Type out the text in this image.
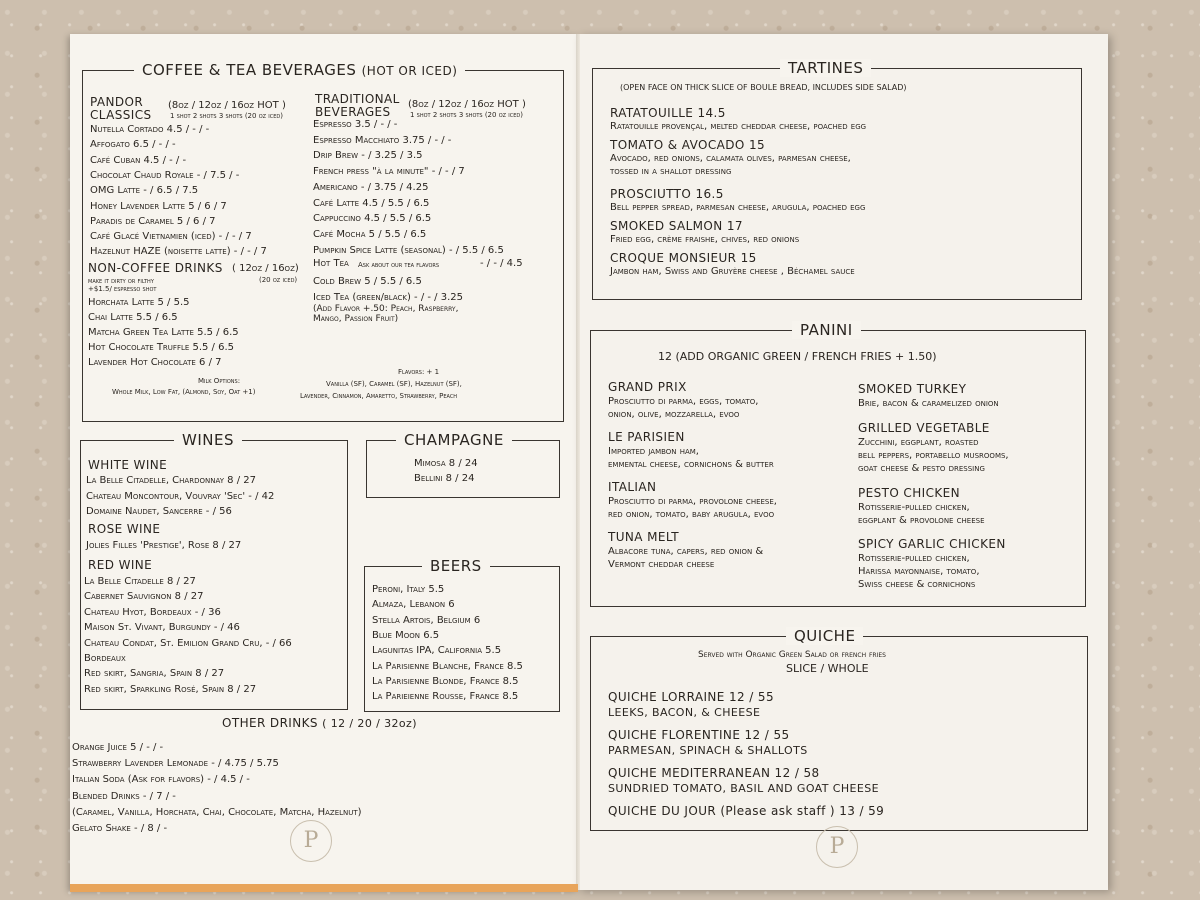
COFFEE & TEA BEVERAGES (HOT OR ICED)
PANDOR
CLASSICS
(8oz / 12oz / 16oz HOT )
1 shot 2 shots 3 shots (20 oz iced)
Nutella Cortado 4.5 / - / -
Affogato 6.5 / - / -
Café Cuban 4.5 / - / -
Chocolat Chaud Royale - / 7.5 / -
OMG Latte - / 6.5 / 7.5
Honey Lavender Latte 5 / 6 / 7
Paradis de Caramel 5 / 6 / 7
Café Glacé Vietnamien (iced) - / - / 7
Hazelnut HAZE (noisette latte) - / - / 7
TRADITIONAL
BEVERAGES
(8oz / 12oz / 16oz HOT )
1 shot 2 shots 3 shots (20 oz iced)
Espresso 3.5 / - / -
Espresso Macchiato 3.75 / - / -
Drip Brew - / 3.25 / 3.5
French press "à la minute" - / - / 7
Americano - / 3.75 / 4.25
Café Latte 4.5 / 5.5 / 6.5
Cappuccino 4.5 / 5.5 / 6.5
Café Mocha 5 / 5.5 / 6.5
Pumpkin Spice Latte (seasonal) - / 5.5 / 6.5
Hot Tea Ask about our tea flavors	- / - / 4.5
Cold Brew 5 / 5.5 / 6.5
Iced Tea (green/black) - / - / 3.25
(Add Flavor +.50: Peach, Raspberry,
Mango, Passion Fruit)
NON-COFFEE DRINKS ( 12oz / 16oz)
(20 oz iced)
make it dirty or filthy
+$1.5/ espresso shot
Horchata Latte 5 / 5.5
Chai Latte 5.5 / 6.5
Matcha Green Tea Latte 5.5 / 6.5
Hot Chocolate Truffle 5.5 / 6.5
Lavender Hot Chocolate 6 / 7
Milk Options:
Whole Milk, Low Fat, (Almond, Soy, Oat +1)
Flavors: + 1
Vanilla (SF), Caramel (SF), Hazelnut (SF),
Lavender, Cinnamon, Amaretto, Strawberry, Peach
WINES
WHITE WINE
La Belle Citadelle, Chardonnay 8 / 27
Chateau Moncontour, Vouvray 'Sec' - / 42
Domaine Naudet, Sancerre - / 56
ROSE WINE
Jolies Filles 'Prestige', Rose 8 / 27
RED WINE
La Belle Citadelle 8 / 27
Cabernet Sauvignon 8 / 27
Chateau Hyot, Bordeaux - / 36
Maison St. Vivant, Burgundy - / 46
Chateau Condat, St. Emilion Grand Cru, - / 66
Bordeaux
Red skirt, Sangria, Spain 8 / 27
Red skirt, Sparkling Rosé, Spain 8 / 27
CHAMPAGNE
Mimosa 8 / 24
Bellini 8 / 24
BEERS
Peroni, Italy 5.5
Almaza, Lebanon 6
Stella Artois, Belgium 6
Blue Moon 6.5
Lagunitas IPA, California 5.5
La Parisienne Blanche, France 8.5
La Parisienne Blonde, France 8.5
La Parieienne Rousse, France 8.5
OTHER DRINKS ( 12 / 20 / 32oz)
Orange Juice 5 / - / -
Strawberry Lavender Lemonade - / 4.75 / 5.75
Italian Soda (Ask for flavors) - / 4.5 / -
Blended Drinks - / 7 / -
(Caramel, Vanilla, Horchata, Chai, Chocolate, Matcha, Hazelnut)
Gelato Shake - / 8 / -	P
TARTINES
(OPEN FACE ON THICK SLICE OF BOULE BREAD, INCLUDES SIDE SALAD)
RATATOUILLE 14.5
Ratatouille provençal, melted cheddar cheese, poached egg
TOMATO & AVOCADO 15
Avocado, red onions, calamata olives, parmesan cheese,
tossed in a shallot dressing
PROSCIUTTO 16.5
Bell pepper spread, parmesan cheese, arugula, poached egg
SMOKED SALMON 17
Fried egg, crème fraishe, chives, red onions
CROQUE MONSIEUR 15
Jambon ham, Swiss and Gruyère cheese , Béchamel sauce
PANINI
12 (ADD ORGANIC GREEN / FRENCH FRIES + 1.50)
GRAND PRIX
Prosciutto di parma, eggs, tomato,
onion, olive, mozzarella, evoo
LE PARISIEN
Imported jambon ham,
emmental cheese, cornichons & butter
ITALIAN
Prosciutto di parma, provolone cheese,
red onion, tomato, baby arugula, evoo
TUNA MELT
Albacore tuna, capers, red onion &
Vermont cheddar cheese
SMOKED TURKEY
Brie, bacon & caramelized onion
GRILLED VEGETABLE
Zucchini, eggplant, roasted
bell peppers, portabello musrooms,
goat cheese & pesto dressing
PESTO CHICKEN
Rotisserie-pulled chicken,
eggplant & provolone cheese
SPICY GARLIC CHICKEN
Rotisserie-pulled chicken,
Harissa mayonnaise, tomato,
Swiss cheese & cornichons
QUICHE
Served with Organic Green Salad or french fries
SLICE / WHOLE
QUICHE LORRAINE 12 / 55
LEEKS, BACON, & CHEESE
QUICHE FLORENTINE 12 / 55
PARMESAN, SPINACH & SHALLOTS
QUICHE MEDITERRANEAN 12 / 58
SUNDRIED TOMATO, BASIL AND GOAT CHEESE
QUICHE DU JOUR (Please ask staff ) 13 / 59
P
